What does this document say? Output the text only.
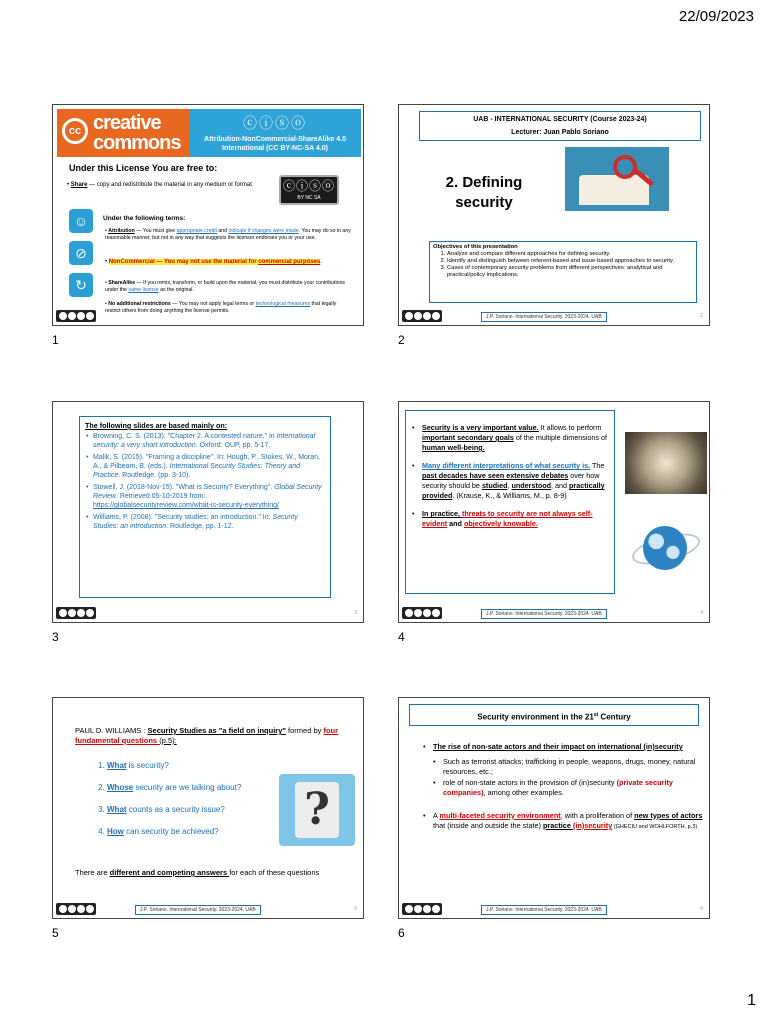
22/09/2023
cc creative
commons
ⓒⓘⓢⓞ
Attribution-NonCommercial-ShareAlike 4.0 International (CC BY-NC-SA 4.0)
Under this License You are free to:
• Share — copy and redistribute the material in any medium or format	ⓒⓘⓢⓞ
BY NC SA
Under the following terms:
☺
⊘
↻
• Attribution — You must give appropriate credit and indicate if changes were made. You may do so in any reasonable manner, but not in any way that suggests the licensor endorses you or your use.
• NonCommercial — You may not use the material for commercial purposes.
• ShareAlike — If you remix, transform, or build upon the material, you must distribute your contributions under the same license as the original.
• No additional restrictions — You may not apply legal terms or technological measures that legally restrict others from doing anything the license permits.
1
UAB - INTERNATIONAL SECURITY (Course 2023-24)
Lecturer: Juan Pablo Soriano
2. Defining security
Objectives of this presentation
1. Analyze and compare different approaches for defining security.
2. Identify and distinguish between referent-based and issue-based approaches to security.
3. Cases of contemporary security problems from different perspectives: analytical and practical/policy implications.
J.P. Soriano. International Security. 2023-2024. UAB	2
2
The following slides are based mainly on:
• Browning, C. S. (2013). "Chapter 2. A contested nature," in International security: a very short introduction. Oxford: OUP, pp. 5-17.
• Malik, S. (2015). "Framing a discipline". In: Hough, P., Stokes, W., Moran, A., & Pilbeam, B. (eds.). International Security Studies: Theory and Practice. Routledge. (pp. 3-10).
• Stowell, J. (2018-Nov-15). "What is Security? Everything". Global Security Review. Retrieved 05-10-2019 from: https://globalsecurityreview.com/what-is-security-everything/
• Williams, P. (2008). "Security studies: an introduction." In: Security Studies: an introduction. Routledge, pp. 1-12.
3
3

• Security is a very important value. It allows to perform important secondary goals of the multiple dimensions of human well-being.

• Many different interpretations of what security is. The past decades have seen extensive debates over how security should be studied, understood, and practically provided. (Krause, K., & Williams, M., p. 8-9)

• In practice, threats to security are not always self-evident and objectively knowable.

J.P. Soriano. International Security. 2023-2024. UAB	4
4
PAUL D. WILLIAMS : Security Studies as "a field on inquiry" formed by four fundamental questions (p.5):
1. What is security?
2. Whose security are we talking about?
3. What counts as a security issue?
4. How can security be achieved?	?
There are different and competing answers for each of these questions
J.P. Soriano. International Security. 2023-2024. UAB	5
5
Security environment in the 21st Century
• The rise of non-sate actors and their impact on international (in)security
• Such as terrorist attacks; trafficking in people, weapons, drugs, money, natural resources, etc.;
• role of non-state actors in the provision of (in)security (private security companies), among other examples.
• A multi-faceted security environment, with a proliferation of new types of actors that (inside and outside the state) practice (in)security (GHECIU and WOHLFORTH, p.3)
J.P. Soriano. International Security. 2023-2024. UAB	6
6
1
